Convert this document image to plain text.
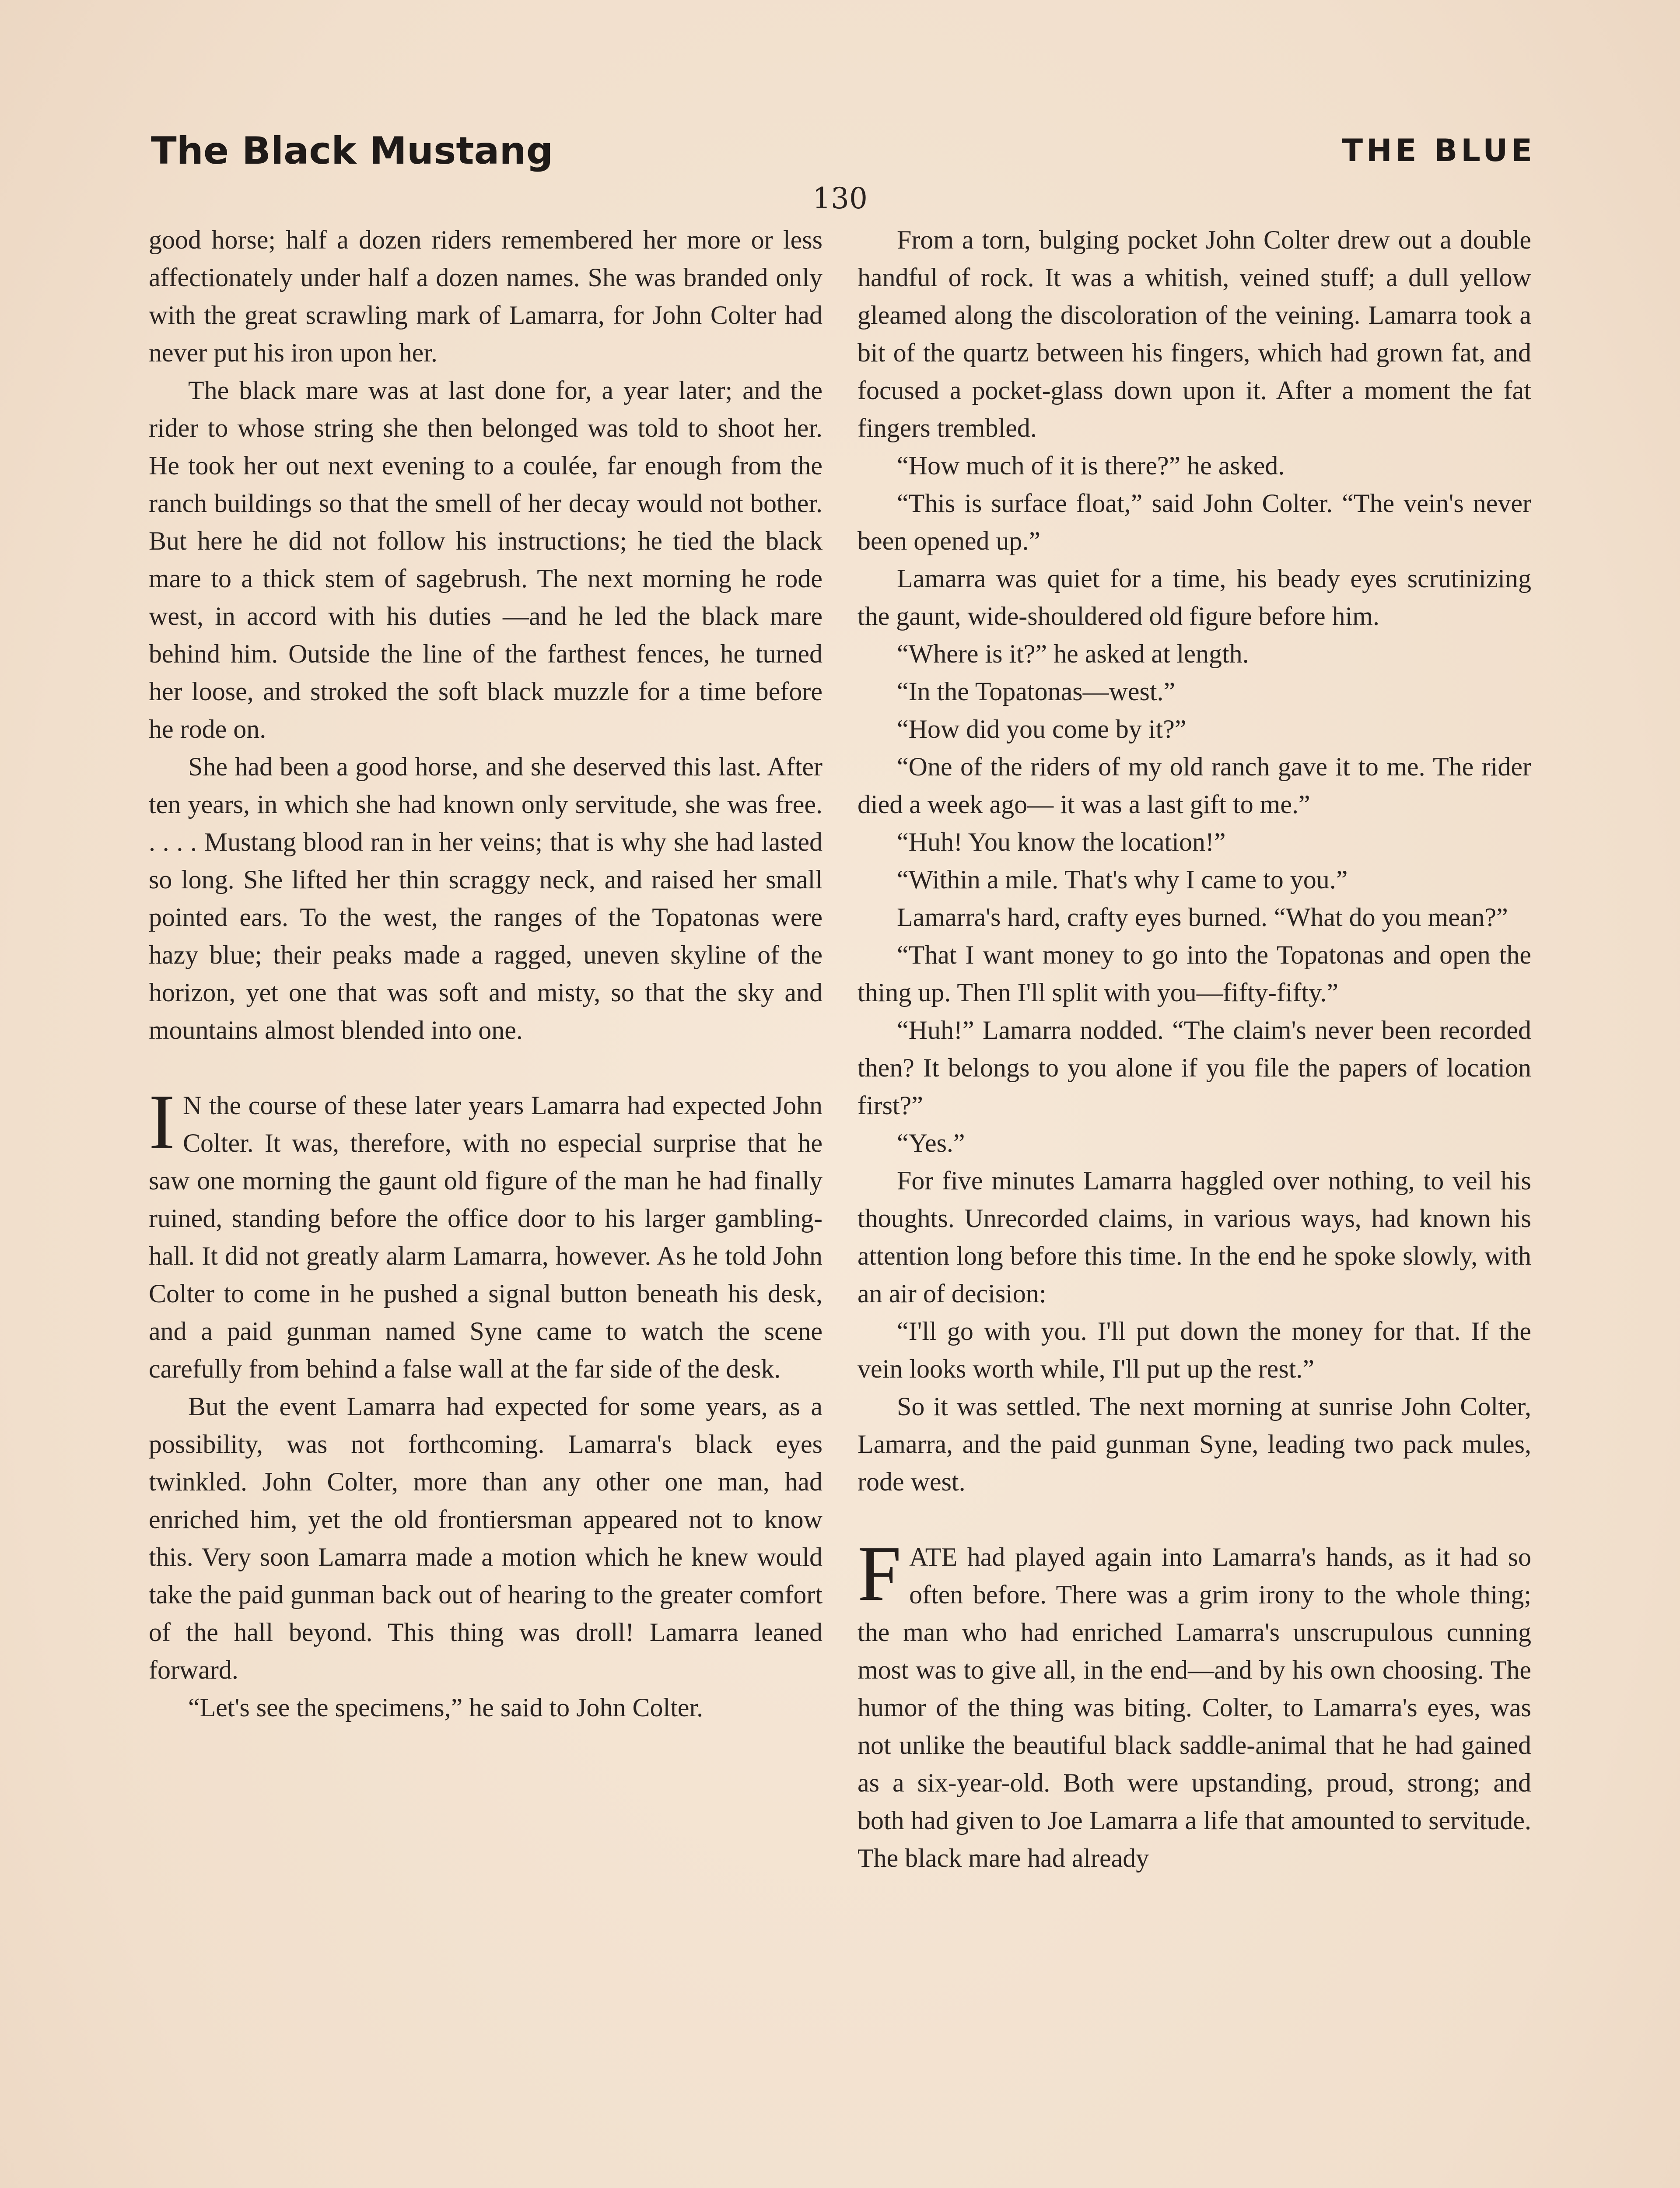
The Black Mustang	THE BLUE
130

good horse; half a dozen riders remembered her more or less affectionately under half a dozen names. She was branded only with the great scrawling mark of Lamarra, for John Colter had never put his iron upon her.

The black mare was at last done for, a year later; and the rider to whose string she then belonged was told to shoot her. He took her out next evening to a coulée, far enough from the ranch buildings so that the smell of her decay would not bother. But here he did not follow his instructions; he tied the black mare to a thick stem of sagebrush. The next morning he rode west, in accord with his duties —and he led the black mare behind him. Outside the line of the farthest fences, he turned her loose, and stroked the soft black muzzle for a time before he rode on.

She had been a good horse, and she deserved this last. After ten years, in which she had known only servitude, she was free. . . . . Mustang blood ran in her veins; that is why she had lasted so long. She lifted her thin scraggy neck, and raised her small pointed ears. To the west, the ranges of the Topatonas were hazy blue; their peaks made a ragged, uneven skyline of the horizon, yet one that was soft and misty, so that the sky and mountains almost blended into one.

I N the course of these later years Lamarra had expected John Colter. It was, therefore, with no especial surprise that he saw one morning the gaunt old figure of the man he had finally ruined, standing before the office door to his larger gambling-hall. It did not greatly alarm Lamarra, however. As he told John Colter to come in he pushed a signal button beneath his desk, and a paid gunman named Syne came to watch the scene carefully from behind a false wall at the far side of the desk.

But the event Lamarra had expected for some years, as a possibility, was not forthcoming. Lamarra's black eyes twinkled. John Colter, more than any other one man, had enriched him, yet the old frontiersman appeared not to know this. Very soon Lamarra made a motion which he knew would take the paid gunman back out of hearing to the greater comfort of the hall beyond. This thing was droll! Lamarra leaned forward.

“Let's see the specimens,” he said to John Colter.

From a torn, bulging pocket John Colter drew out a double handful of rock. It was a whitish, veined stuff; a dull yellow gleamed along the discoloration of the veining. Lamarra took a bit of the quartz between his fingers, which had grown fat, and focused a pocket-glass down upon it. After a moment the fat fingers trembled.

“How much of it is there?” he asked.

“This is surface float,” said John Colter. “The vein's never been opened up.”

Lamarra was quiet for a time, his beady eyes scrutinizing the gaunt, wide-shouldered old figure before him.

“Where is it?” he asked at length.

“In the Topatonas—west.”

“How did you come by it?”

“One of the riders of my old ranch gave it to me. The rider died a week ago— it was a last gift to me.”

“Huh! You know the location!”

“Within a mile. That's why I came to you.”

Lamarra's hard, crafty eyes burned. “What do you mean?”

“That I want money to go into the Topatonas and open the thing up. Then I'll split with you—fifty-fifty.”

“Huh!” Lamarra nodded. “The claim's never been recorded then? It belongs to you alone if you file the papers of location first?”

“Yes.”

For five minutes Lamarra haggled over nothing, to veil his thoughts. Unrecorded claims, in various ways, had known his attention long before this time. In the end he spoke slowly, with an air of decision:

“I'll go with you. I'll put down the money for that. If the vein looks worth while, I'll put up the rest.”

So it was settled. The next morning at sunrise John Colter, Lamarra, and the paid gunman Syne, leading two pack mules, rode west.

FATE had played again into Lamarra's hands, as it had so often before. There was a grim irony to the whole thing; the man who had enriched Lamarra's unscrupulous cunning most was to give all, in the end—and by his own choosing. The humor of the thing was biting. Colter, to Lamarra's eyes, was not unlike the beautiful black saddle-animal that he had gained as a six-year-old. Both were upstanding, proud, strong; and both had given to Joe Lamarra a life that amounted to servitude. The black mare had already
